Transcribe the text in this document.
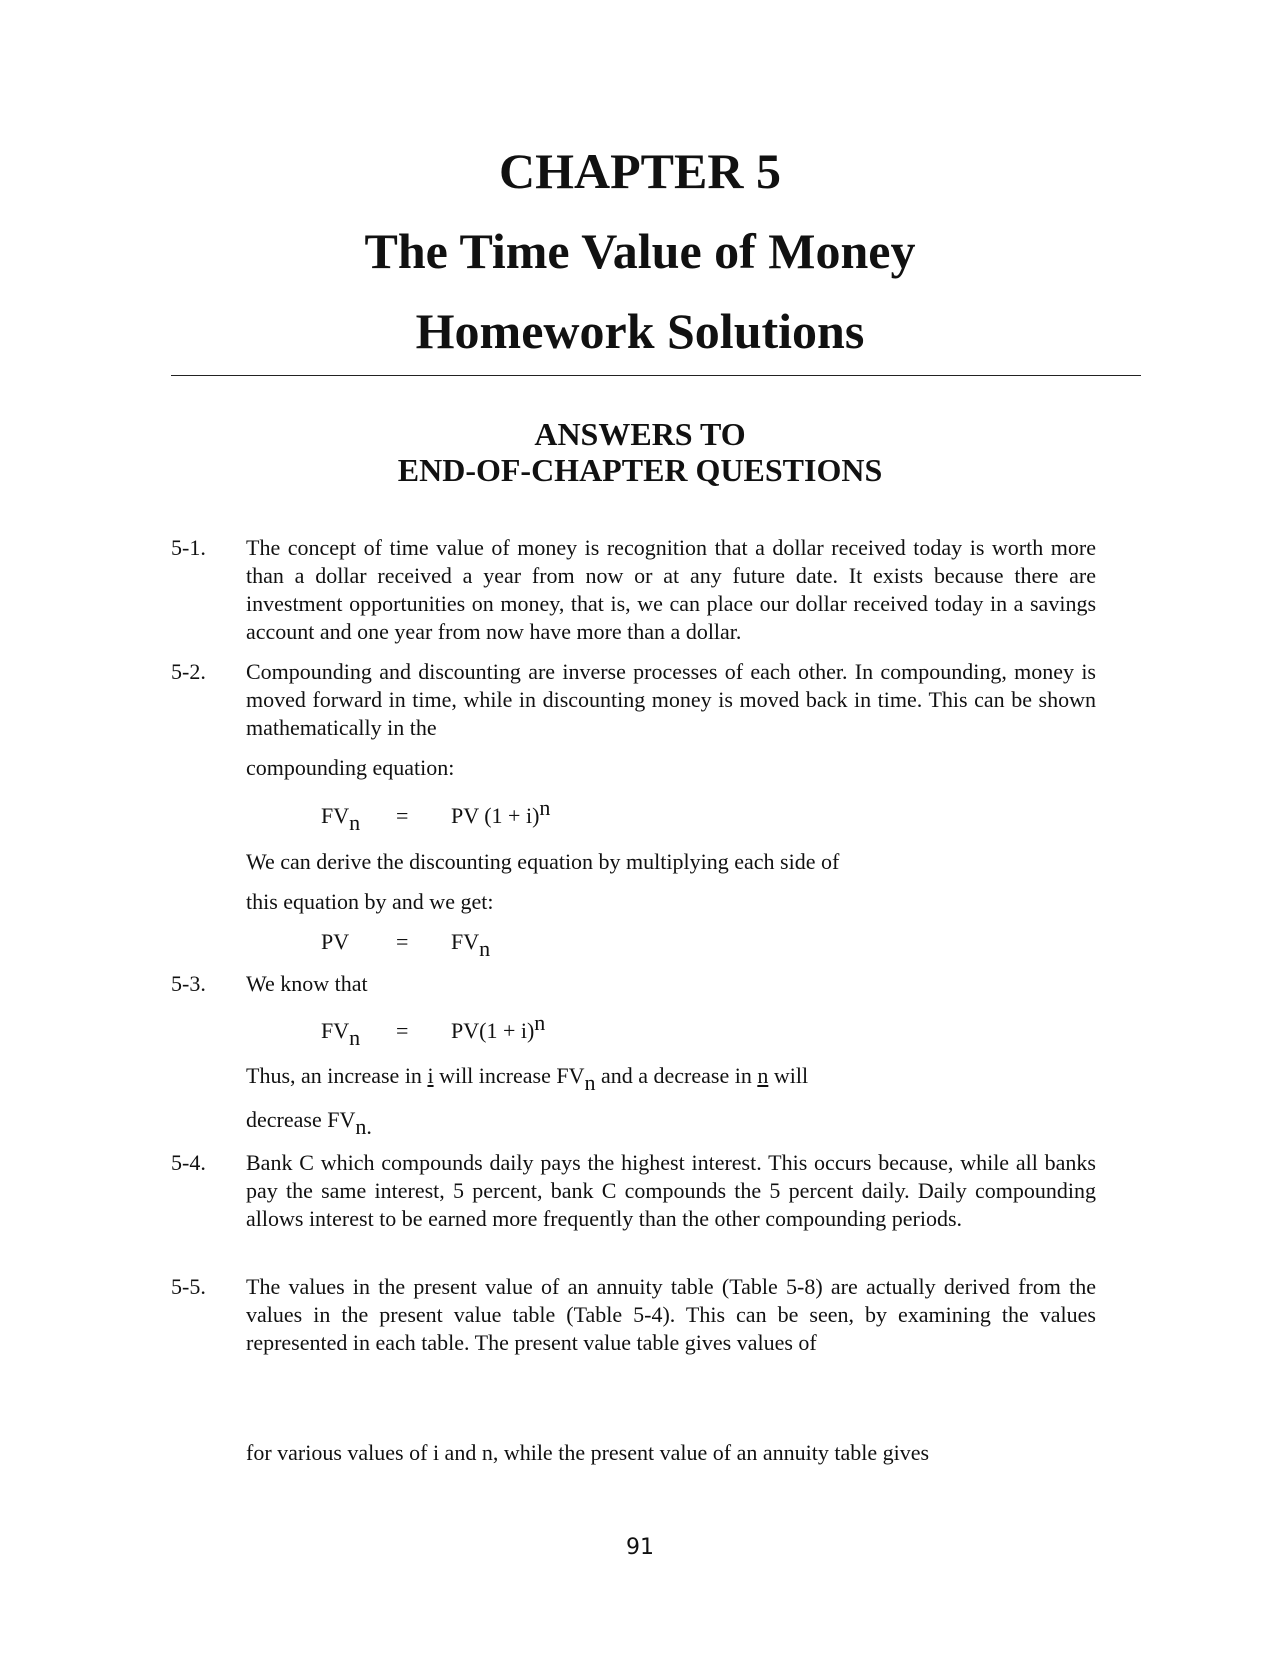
CHAPTER 5
The Time Value of Money
Homework Solutions
ANSWERS TO
END-OF-CHAPTER QUESTIONS
5-1. The concept of time value of money is recognition that a dollar received today is worth more than a dollar received a year from now or at any future date. It exists because there are investment opportunities on money, that is, we can place our dollar received today in a savings account and one year from now have more than a dollar.
5-2. Compounding and discounting are inverse processes of each other. In compounding, money is moved forward in time, while in discounting money is moved back in time. This can be shown mathematically in the
compounding equation:
FVn = PV (1 + i)n
We can derive the discounting equation by multiplying each side of
this equation by and we get:
PV = FVn
5-3. We know that
FVn = PV(1 + i)n
Thus, an increase in i will increase FVn and a decrease in n will
decrease FVn.
5-4. Bank C which compounds daily pays the highest interest. This occurs because, while all banks pay the same interest, 5 percent, bank C compounds the 5 percent daily. Daily compounding allows interest to be earned more frequently than the other compounding periods.
5-5. The values in the present value of an annuity table (Table 5-8) are actually derived from the values in the present value table (Table 5-4). This can be seen, by examining the values represented in each table. The present value table gives values of
for various values of i and n, while the present value of an annuity table gives
91
